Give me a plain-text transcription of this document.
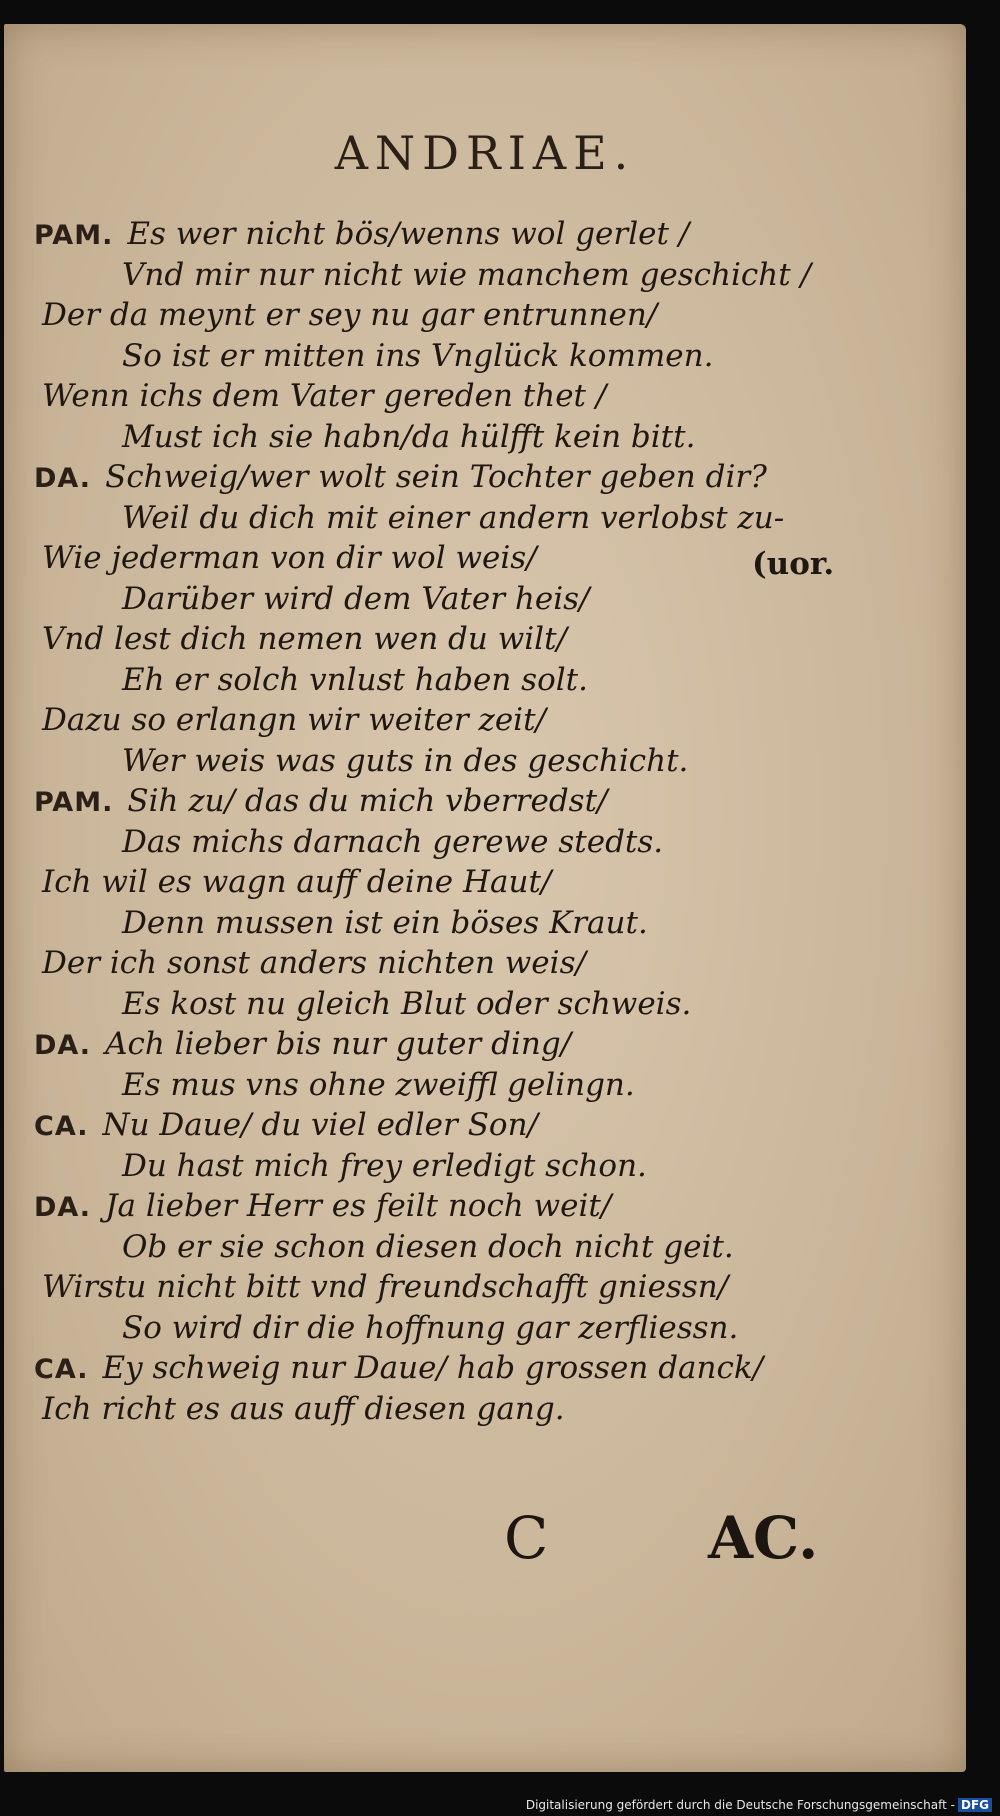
ANDRIAE.
PAM. Es wer nicht bös/wenns wol gerlet /
Vnd mir nur nicht wie manchem geschicht /
Der da meynt er sey nu gar entrunnen/
So ist er mitten ins Vnglück kommen.
Wenn ichs dem Vater gereden thet /
Must ich sie habn/da hülfft kein bitt.
DA. Schweig/wer wolt sein Tochter geben dir?
Weil du dich mit einer andern verlobst zu-
Wie jederman von dir wol weis/
Darüber wird dem Vater heis/
Vnd lest dich nemen wen du wilt/
Eh er solch vnlust haben solt.
Dazu so erlangn wir weiter zeit/
Wer weis was guts in des geschicht.
PAM. Sih zu/ das du mich vberredst/
Das michs darnach gerewe stedts.
Ich wil es wagn auff deine Haut/
Denn mussen ist ein böses Kraut.
Der ich sonst anders nichten weis/
Es kost nu gleich Blut oder schweis.
DA. Ach lieber bis nur guter ding/
Es mus vns ohne zweiffl gelingn.
CA. Nu Daue/ du viel edler Son/
Du hast mich frey erledigt schon.
DA. Ja lieber Herr es feilt noch weit/
Ob er sie schon diesen doch nicht geit.
Wirstu nicht bitt vnd freundschafft gniessn/
So wird dir die hoffnung gar zerfliessn.
CA. Ey schweig nur Daue/ hab grossen danck/
Ich richt es aus auff diesen gang.
(uor.
C	AC.
Digitalisierung gefördert durch die Deutsche Forschungsgemeinschaft - DFG
